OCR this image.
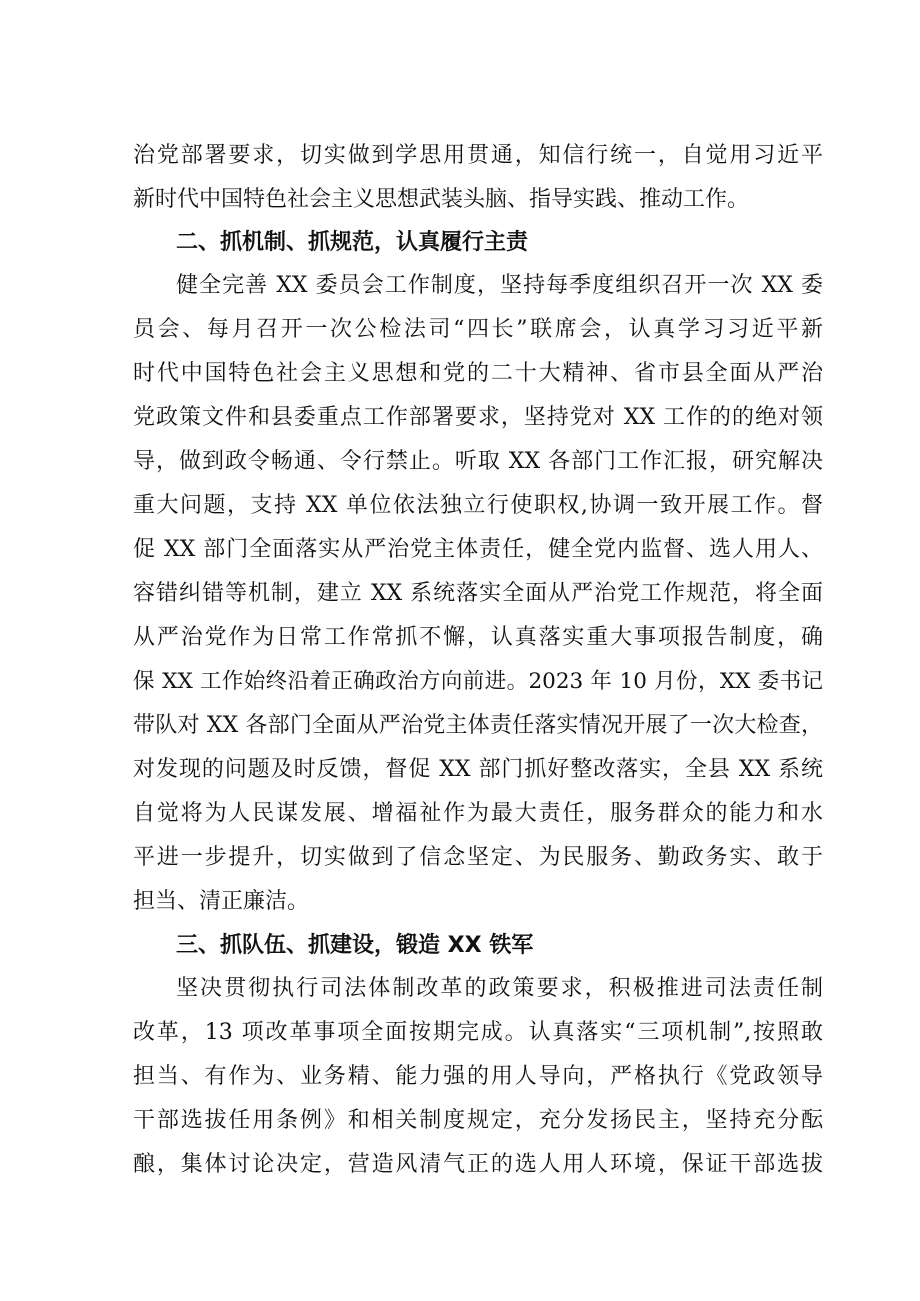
治党部署要求，切实做到学思用贯通，知信行统一，自觉用习近平
新时代中国特色社会主义思想武装头脑、指导实践、推动工作。
二、抓机制、抓规范，认真履行主责
健全完善 XX 委员会工作制度，坚持每季度组织召开一次 XX 委
员会、每月召开一次公检法司“四长”联席会，认真学习习近平新
时代中国特色社会主义思想和党的二十大精神、省市县全面从严治
党政策文件和县委重点工作部署要求，坚持党对 XX 工作的的绝对领
导，做到政令畅通、令行禁止。听取 XX 各部门工作汇报，研究解决
重大问题，支持 XX 单位依法独立行使职权,协调一致开展工作。督
促 XX 部门全面落实从严治党主体责任，健全党内监督、选人用人、
容错纠错等机制，建立 XX 系统落实全面从严治党工作规范，将全面
从严治党作为日常工作常抓不懈，认真落实重大事项报告制度，确
保 XX 工作始终沿着正确政治方向前进。2023 年 10 月份，XX 委书记
带队对 XX 各部门全面从严治党主体责任落实情况开展了一次大检查，
对发现的问题及时反馈，督促 XX 部门抓好整改落实，全县 XX 系统
自觉将为人民谋发展、增福祉作为最大责任，服务群众的能力和水
平进一步提升，切实做到了信念坚定、为民服务、勤政务实、敢于
担当、清正廉洁。
三、抓队伍、抓建设，锻造 XX 铁军
坚决贯彻执行司法体制改革的政策要求，积极推进司法责任制
改革，13 项改革事项全面按期完成。认真落实“三项机制”,按照敢
担当、有作为、业务精、能力强的用人导向，严格执行《党政领导
干部选拔任用条例》和相关制度规定，充分发扬民主，坚持充分酝
酿，集体讨论决定，营造风清气正的选人用人环境，保证干部选拔
